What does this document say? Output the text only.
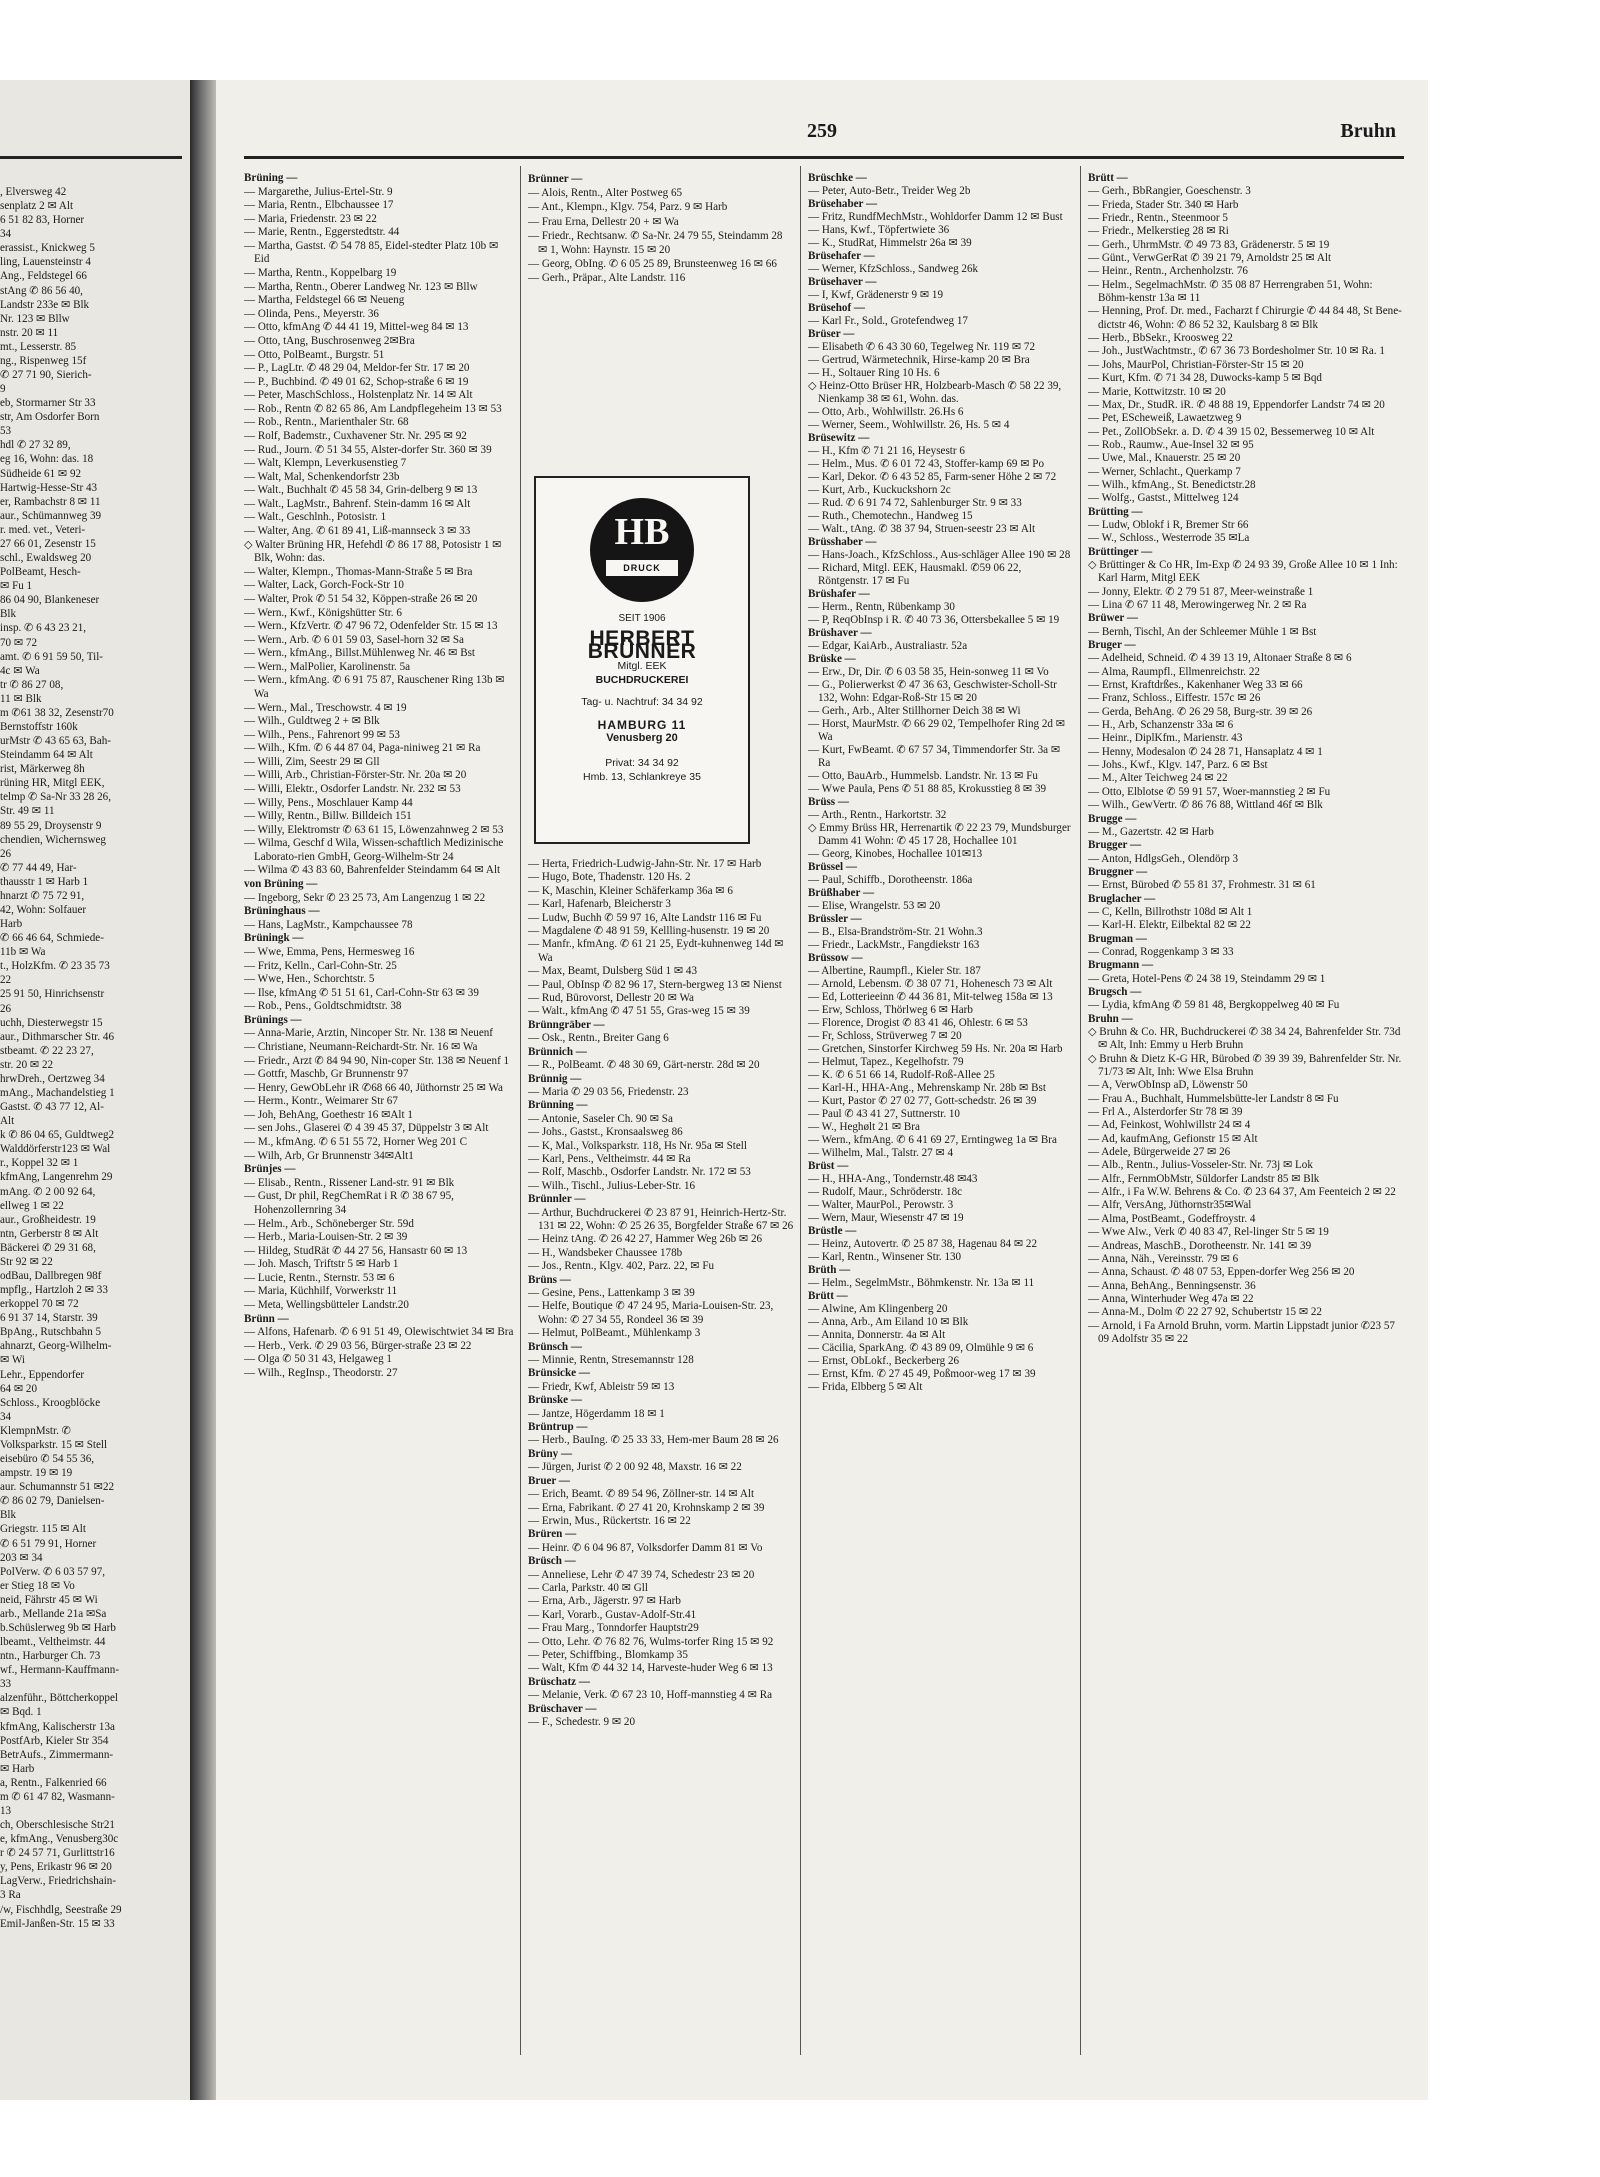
, Elversweg 42
senplatz 2 ✉ Alt
6 51 82 83, Horner
34
erassist., Knickweg 5
ling, Lauensteinstr 4
Ang., Feldstegel 66
stAng ✆ 86 56 40,
Landstr 233e ✉ Blk
Nr. 123 ✉ Bllw
nstr. 20 ✉ 11
mt., Lesserstr. 85
ng., Rispenweg 15f
✆ 27 71 90, Sierich-
9
eb, Stormarner Str 33
str, Am Osdorfer Born
53
hdl ✆ 27 32 89,
eg 16, Wohn: das. 18
Südheide 61 ✉ 92
Hartwig-Hesse-Str 43
er, Rambachstr 8 ✉ 11
aur., Schümannweg 39
r. med. vet., Veteri-
27 66 01, Zesenstr 15
schl., Ewaldsweg 20
PolBeamt, Hesch-
✉ Fu 1
86 04 90, Blankeneser
Blk
insp. ✆ 6 43 23 21,
70 ✉ 72
amt. ✆ 6 91 59 50, Til-
4c ✉ Wa
tr ✆ 86 27 08,
11 ✉ Blk
m ✆61 38 32, Zesenstr70
Bernstoffstr 160k
urMstr ✆ 43 65 63, Bah-
Steindamm 64 ✉ Alt
rist, Märkerweg 8h
rüning HR, Mitgl EEK,
telmp ✆ Sa-Nr 33 28 26,
Str. 49 ✉ 11
89 55 29, Droysenstr 9
chendien, Wichernsweg
26
✆ 77 44 49, Har-
thausstr 1 ✉ Harb 1
hnarzt ✆ 75 72 91,
42, Wohn: Solfauer
Harb
✆ 66 46 64, Schmiede-
11b ✉ Wa
t., HolzKfm. ✆ 23 35 73
22
25 91 50, Hinrichsenstr
26
uchh, Diesterwegstr 15
aur., Dithmarscher Str. 46
stbeamt. ✆ 22 23 27,
str. 20 ✉ 22
hrwDreh., Oertzweg 34
mAng., Machandelstieg 1
Gastst. ✆ 43 77 12, Al-
Alt
k ✆ 86 04 65, Guldtweg2
Walddörferstr123 ✉ Wal
r., Koppel 32 ✉ 1
kfmAng, Langenrehm 29
mAng. ✆ 2 00 92 64,
ellweg 1 ✉ 22
aur., Großheidestr. 19
ntn, Gerberstr 8 ✉ Alt
Bäckerei ✆ 29 31 68,
Str 92 ✉ 22
odBau, Dallbregen 98f
mpflg., Hartzloh 2 ✉ 33
erkoppel 70 ✉ 72
6 91 37 14, Starstr. 39
BpAng., Rutschbahn 5
ahnarzt, Georg-Wilhelm-
✉ Wi
Lehr., Eppendorfer
64 ✉ 20
Schloss., Kroogblöcke
34
KlempnMstr. ✆
Volksparkstr. 15 ✉ Stell
eisebüro ✆ 54 55 36,
ampstr. 19 ✉ 19
aur. Schumannstr 51 ✉22
✆ 86 02 79, Danielsen-
Blk
Griegstr. 115 ✉ Alt
✆ 6 51 79 91, Horner
203 ✉ 34
PolVerw. ✆ 6 03 57 97,
er Stieg 18 ✉ Vo
neid, Fährstr 45 ✉ Wi
arb., Mellande 21a ✉Sa
b.Schüslerweg 9b ✉ Harb
lbeamt., Veltheimstr. 44
ntn., Harburger Ch. 73
wf., Hermann-Kauffmann-
33
alzenführ., Böttcherkoppel
✉ Bqd. 1
kfmAng, Kalischerstr 13a
PostfArb, Kieler Str 354
BetrAufs., Zimmermann-
✉ Harb
a, Rentn., Falkenried 66
m ✆ 61 47 82, Wasmann-
13
ch, Oberschlesische Str21
e, kfmAng., Venusberg30c
r ✆ 24 57 71, Gurlittstr16
y, Pens, Erikastr 96 ✉ 20
LagVerw., Friedrichshain-
3 Ra
/w, Fischhdlg, Seestraße 29
Emil-Janßen-Str. 15 ✉ 33
259	Bruhn
Brüning —
— Margarethe, Julius-Ertel-Str. 9
— Maria, Rentn., Elbchaussee 17
— Maria, Friedenstr. 23 ✉ 22
— Marie, Rentn., Eggerstedtstr. 44
— Martha, Gastst. ✆ 54 78 85, Eidel-stedter Platz 10b ✉ Eid
— Martha, Rentn., Koppelbarg 19
— Martha, Rentn., Oberer Landweg Nr. 123 ✉ Bllw
— Martha, Feldstegel 66 ✉ Neueng
— Olinda, Pens., Meyerstr. 36
— Otto, kfmAng ✆ 44 41 19, Mittel-weg 84 ✉ 13
— Otto, tAng, Buschrosenweg 2✉Bra
— Otto, PolBeamt., Burgstr. 51
— P., LagLtr. ✆ 48 29 04, Meldor-fer Str. 17 ✉ 20
— P., Buchbind. ✆ 49 01 62, Schop-straße 6 ✉ 19
— Peter, MaschSchloss., Holstenplatz Nr. 14 ✉ Alt
— Rob., Rentn ✆ 82 65 86, Am Landpflegeheim 13 ✉ 53
— Rob., Rentn., Marienthaler Str. 68
— Rolf, Bademstr., Cuxhavener Str. Nr. 295 ✉ 92
— Rud., Journ. ✆ 51 34 55, Alster-dorfer Str. 360 ✉ 39
— Walt, Klempn, Leverkusenstieg 7
— Walt, Mal, Schenkendorfstr 23b
— Walt., Buchhalt ✆ 45 58 34, Grin-delberg 9 ✉ 13
— Walt., LagMstr., Bahrenf. Stein-damm 16 ✉ Alt
— Walt., Geschlnh., Potosistr. 1
— Walter, Ang. ✆ 61 89 41, Liß-mannseck 3 ✉ 33
◇ Walter Brüning HR, Hefehdl ✆ 86 17 88, Potosistr 1 ✉ Blk, Wohn: das.
— Walter, Klempn., Thomas-Mann-Straße 5 ✉ Bra
— Walter, Lack, Gorch-Fock-Str 10
— Walter, Prok ✆ 51 54 32, Köppen-straße 26 ✉ 20
— Wern., Kwf., Königshütter Str. 6
— Wern., KfzVertr. ✆ 47 96 72, Odenfelder Str. 15 ✉ 13
— Wern., Arb. ✆ 6 01 59 03, Sasel-horn 32 ✉ Sa
— Wern., kfmAng., Billst.Mühlenweg Nr. 46 ✉ Bst
— Wern., MalPolier, Karolinenstr. 5a
— Wern., kfmAng. ✆ 6 91 75 87, Rauschener Ring 13b ✉ Wa
— Wern., Mal., Treschowstr. 4 ✉ 19
— Wilh., Guldtweg 2 + ✉ Blk
— Wilh., Pens., Fahrenort 99 ✉ 53
— Wilh., Kfm. ✆ 6 44 87 04, Paga-niniweg 21 ✉ Ra
— Willi, Zim, Seestr 29 ✉ Gll
— Willi, Arb., Christian-Förster-Str. Nr. 20a ✉ 20
— Willi, Elektr., Osdorfer Landstr. Nr. 232 ✉ 53
— Willy, Pens., Moschlauer Kamp 44
— Willy, Rentn., Billw. Billdeich 151
— Willy, Elektromstr ✆ 63 61 15, Löwenzahnweg 2 ✉ 53
— Wilma, Geschf d Wila, Wissen-schaftlich Medizinische Laborato-rien GmbH, Georg-Wilhelm-Str 24
— Wilma ✆ 43 83 60, Bahrenfelder Steindamm 64 ✉ Alt
von Brüning —
— Ingeborg, Sekr ✆ 23 25 73, Am Langenzug 1 ✉ 22
Brüninghaus —
— Hans, LagMstr., Kampchaussee 78
Brüningk —
— Wwe, Emma, Pens, Hermesweg 16
— Fritz, Kelln., Carl-Cohn-Str. 25
— Wwe, Hen., Schorchtstr. 5
— Ilse, kfmAng ✆ 51 51 61, Carl-Cohn-Str 63 ✉ 39
— Rob., Pens., Goldtschmidtstr. 38
Brünings —
— Anna-Marie, Arztin, Nincoper Str. Nr. 138 ✉ Neuenf
— Christiane, Neumann-Reichardt-Str. Nr. 16 ✉ Wa
— Friedr., Arzt ✆ 84 94 90, Nin-coper Str. 138 ✉ Neuenf 1
— Gottfr, Maschb, Gr Brunnenstr 97
— Henry, GewObLehr iR ✆68 66 40, Jüthornstr 25 ✉ Wa
— Herm., Kontr., Weimarer Str 67
— Joh, BehAng, Goethestr 16 ✉Alt 1
— sen Johs., Glaserei ✆ 4 39 45 37, Düppelstr 3 ✉ Alt
— M., kfmAng. ✆ 6 51 55 72, Horner Weg 201 C
— Wilh, Arb, Gr Brunnenstr 34✉Alt1
Brünjes —
— Elisab., Rentn., Rissener Land-str. 91 ✉ Blk
— Gust, Dr phil, RegChemRat i R ✆ 38 67 95, Hohenzollernring 34
— Helm., Arb., Schöneberger Str. 59d
— Herb., Maria-Louisen-Str. 2 ✉ 39
— Hildeg, StudRät ✆ 44 27 56, Hansastr 60 ✉ 13
— Joh. Masch, Triftstr 5 ✉ Harb 1
— Lucie, Rentn., Sternstr. 53 ✉ 6
— Maria, Küchhilf, Vorwerkstr 11
— Meta, Wellingsbütteler Landstr.20
Brünn —
— Alfons, Hafenarb. ✆ 6 91 51 49, Olewischtwiet 34 ✉ Bra
— Herb., Verk. ✆ 29 03 56, Bürger-straße 23 ✉ 22
— Olga ✆ 50 31 43, Helgaweg 1
— Wilh., RegInsp., Theodorstr. 27
Brünner —
— Alois, Rentn., Alter Postweg 65
— Ant., Klempn., Klgv. 754, Parz. 9 ✉ Harb
— Frau Erna, Dellestr 20 + ✉ Wa
— Friedr., Rechtsanw. ✆ Sa-Nr. 24 79 55, Steindamm 28 ✉ 1, Wohn: Haynstr. 15 ✉ 20
— Georg, ObIng. ✆ 6 05 25 89, Brunsteenweg 16 ✉ 66
— Gerh., Präpar., Alte Landstr. 116
HB
DRUCK
SEIT 1906
HERBERT BRÜNNER
Mitgl. EEK
BUCHDRUCKEREI
Tag- u. Nachtruf: 34 34 92
HAMBURG 11
Venusberg 20
Privat: 34 34 92
Hmb. 13, Schlankreye 35
— Herta, Friedrich-Ludwig-Jahn-Str. Nr. 17 ✉ Harb
— Hugo, Bote, Thadenstr. 120 Hs. 2
— K, Maschin, Kleiner Schäferkamp 36a ✉ 6
— Karl, Hafenarb, Bleicherstr 3
— Ludw, Buchh ✆ 59 97 16, Alte Landstr 116 ✉ Fu
— Magdalene ✆ 48 91 59, Kellling-husenstr. 19 ✉ 20
— Manfr., kfmAng. ✆ 61 21 25, Eydt-kuhnenweg 14d ✉ Wa
— Max, Beamt, Dulsberg Süd 1 ✉ 43
— Paul, ObInsp ✆ 82 96 17, Stern-bergweg 13 ✉ Nienst
— Rud, Bürovorst, Dellestr 20 ✉ Wa
— Walt., kfmAng ✆ 47 51 55, Gras-weg 15 ✉ 39
Brünngräber —
— Osk., Rentn., Breiter Gang 6
Brünnich —
— R., PolBeamt. ✆ 48 30 69, Gärt-nerstr. 28d ✉ 20
Brünnig —
— Maria ✆ 29 03 56, Friedenstr. 23
Brünning —
— Antonie, Saseler Ch. 90 ✉ Sa
— Johs., Gastst., Kronsaalsweg 86
— K, Mal., Volksparkstr. 118, Hs Nr. 95a ✉ Stell
— Karl, Pens., Veltheimstr. 44 ✉ Ra
— Rolf, Maschb., Osdorfer Landstr. Nr. 172 ✉ 53
— Wilh., Tischl., Julius-Leber-Str. 16
Brünnler —
— Arthur, Buchdruckerei ✆ 23 87 91, Heinrich-Hertz-Str. 131 ✉ 22, Wohn: ✆ 25 26 35, Borgfelder Straße 67 ✉ 26
— Heinz tAng. ✆ 26 42 27, Hammer Weg 26b ✉ 26
— H., Wandsbeker Chaussee 178b
— Jos., Rentn., Klgv. 402, Parz. 22, ✉ Fu
Brüns —
— Gesine, Pens., Lattenkamp 3 ✉ 39
— Helfe, Boutique ✆ 47 24 95, Maria-Louisen-Str. 23, Wohn: ✆ 27 34 55, Rondeel 36 ✉ 39
— Helmut, PolBeamt., Mühlenkamp 3
Brünsch —
— Minnie, Rentn, Stresemannstr 128
Brünsicke —
— Friedr, Kwf, Ableistr 59 ✉ 13
Brünske —
— Jantze, Högerdamm 18 ✉ 1
Brüntrup —
— Herb., BauIng. ✆ 25 33 33, Hem-mer Baum 28 ✉ 26
Brüny —
— Jürgen, Jurist ✆ 2 00 92 48, Maxstr. 16 ✉ 22
Bruer —
— Erich, Beamt. ✆ 89 54 96, Zöllner-str. 14 ✉ Alt
— Erna, Fabrikant. ✆ 27 41 20, Krohnskamp 2 ✉ 39
— Erwin, Mus., Rückertstr. 16 ✉ 22
Brüren —
— Heinr. ✆ 6 04 96 87, Volksdorfer Damm 81 ✉ Vo
Brüsch —
— Anneliese, Lehr ✆ 47 39 74, Schedestr 23 ✉ 20
— Carla, Parkstr. 40 ✉ Gll
— Erna, Arb., Jägerstr. 97 ✉ Harb
— Karl, Vorarb., Gustav-Adolf-Str.41
— Frau Marg., Tonndorfer Hauptstr29
— Otto, Lehr. ✆ 76 82 76, Wulms-torfer Ring 15 ✉ 92
— Peter, Schiffbing., Blomkamp 35
— Walt, Kfm ✆ 44 32 14, Harveste-huder Weg 6 ✉ 13
Brüschatz —
— Melanie, Verk. ✆ 67 23 10, Hoff-mannstieg 4 ✉ Ra
Brüschaver —
— F., Schedestr. 9 ✉ 20
Brüschke —
— Peter, Auto-Betr., Treider Weg 2b
Brüsehaber —
— Fritz, RundfMechMstr., Wohldorfer Damm 12 ✉ Bust
— Hans, Kwf., Töpfertwiete 36
— K., StudRat, Himmelstr 26a ✉ 39
Brüsehafer —
— Werner, KfzSchloss., Sandweg 26k
Brüsehaver —
— I, Kwf, Grädenerstr 9 ✉ 19
Brüsehof —
— Karl Fr., Sold., Grotefendweg 17
Brüser —
— Elisabeth ✆ 6 43 30 60, Tegelweg Nr. 119 ✉ 72
— Gertrud, Wärmetechnik, Hirse-kamp 20 ✉ Bra
— H., Soltauer Ring 10 Hs. 6
◇ Heinz-Otto Brüser HR, Holzbearb-Masch ✆ 58 22 39, Nienkamp 38 ✉ 61, Wohn. das.
— Otto, Arb., Wohlwillstr. 26.Hs 6
— Werner, Seem., Wohlwillstr. 26, Hs. 5 ✉ 4
Brüsewitz —
— H., Kfm ✆ 71 21 16, Heysestr 6
— Helm., Mus. ✆ 6 01 72 43, Stoffer-kamp 69 ✉ Po
— Karl, Dekor. ✆ 6 43 52 85, Farm-sener Höhe 2 ✉ 72
— Kurt, Arb., Kuckuckshorn 2c
— Rud. ✆ 6 91 74 72, Sahlenburger Str. 9 ✉ 33
— Ruth., Chemotechn., Handweg 15
— Walt., tAng. ✆ 38 37 94, Struen-seestr 23 ✉ Alt
Brüsshaber —
— Hans-Joach., KfzSchloss., Aus-schläger Allee 190 ✉ 28
— Richard, Mitgl. EEK, Hausmakl. ✆59 06 22, Röntgenstr. 17 ✉ Fu
Brüshafer —
— Herm., Rentn, Rübenkamp 30
— P, ReqObInsp i R. ✆ 40 73 36, Ottersbekallee 5 ✉ 19
Brüshaver —
— Edgar, KaiArb., Australiastr. 52a
Brüske —
— Erw., Dr, Dir. ✆ 6 03 58 35, Hein-sonweg 11 ✉ Vo
— G., Polierwerkst ✆ 47 36 63, Geschwister-Scholl-Str 132, Wohn: Edgar-Roß-Str 15 ✉ 20
— Gerh., Arb., Alter Stillhorner Deich 38 ✉ Wi
— Horst, MaurMstr. ✆ 66 29 02, Tempelhofer Ring 2d ✉ Wa
— Kurt, FwBeamt. ✆ 67 57 34, Timmendorfer Str. 3a ✉ Ra
— Otto, BauArb., Hummelsb. Landstr. Nr. 13 ✉ Fu
— Wwe Paula, Pens ✆ 51 88 85, Krokusstieg 8 ✉ 39
Brüss —
— Arth., Rentn., Harkortstr. 32
◇ Emmy Brüss HR, Herrenartik ✆ 22 23 79, Mundsburger Damm 41 Wohn: ✆ 45 17 28, Hochallee 101
— Georg, Kinobes, Hochallee 101✉13
Brüssel —
— Paul, Schiffb., Dorotheenstr. 186a
Brüßhaber —
— Elise, Wrangelstr. 53 ✉ 20
Brüssler —
— B., Elsa-Brandström-Str. 21 Wohn.3
— Friedr., LackMstr., Fangdiekstr 163
Brüssow —
— Albertine, Raumpfl., Kieler Str. 187
— Arnold, Lebensm. ✆ 38 07 71, Hohenesch 73 ✉ Alt
— Ed, Lotterieeinn ✆ 44 36 81, Mit-telweg 158a ✉ 13
— Erw, Schloss, Thörlweg 6 ✉ Harb
— Florence, Drogist ✆ 83 41 46, Ohlestr. 6 ✉ 53
— Fr, Schloss, Strüverweg 7 ✉ 20
— Gretchen, Sinstorfer Kirchweg 59 Hs. Nr. 20a ✉ Harb
— Helmut, Tapez., Kegelhofstr. 79
— K. ✆ 6 51 66 14, Rudolf-Roß-Allee 25
— Karl-H., HHA-Ang., Mehrenskamp Nr. 28b ✉ Bst
— Kurt, Pastor ✆ 27 02 77, Gott-schedstr. 26 ✉ 39
— Paul ✆ 43 41 27, Suttnerstr. 10
— W., Heghølt 21 ✉ Bra
— Wern., kfmAng. ✆ 6 41 69 27, Erntingweg 1a ✉ Bra
— Wilhelm, Mal., Talstr. 27 ✉ 4
Brüst —
— H., HHA-Ang., Tondernstr.48 ✉43
— Rudolf, Maur., Schröderstr. 18c
— Walter, MaurPol., Perowstr. 3
— Wern, Maur, Wiesenstr 47 ✉ 19
Brüstle —
— Heinz, Autovertr. ✆ 25 87 38, Hagenau 84 ✉ 22
— Karl, Rentn., Winsener Str. 130
Brüth —
— Helm., SegelmMstr., Böhmkenstr. Nr. 13a ✉ 11
Brütt —
— Alwine, Am Klingenberg 20
— Anna, Arb., Am Eiland 10 ✉ Blk
— Annita, Donnerstr. 4a ✉ Alt
— Cäcilia, SparkAng. ✆ 43 89 09, Olmühle 9 ✉ 6
— Ernst, ObLokf., Beckerberg 26
— Ernst, Kfm. ✆ 27 45 49, Poßmoor-weg 17 ✉ 39
— Frida, Elbberg 5 ✉ Alt
Brütt —
— Gerh., BbRangier, Goeschenstr. 3
— Frieda, Stader Str. 340 ✉ Harb
— Friedr., Rentn., Steenmoor 5
— Friedr., Melkerstieg 28 ✉ Ri
— Gerh., UhrmMstr. ✆ 49 73 83, Grädenerstr. 5 ✉ 19
— Günt., VerwGerRat ✆ 39 21 79, Arnoldstr 25 ✉ Alt
— Heinr., Rentn., Archenholzstr. 76
— Helm., SegelmachMstr. ✆ 35 08 87 Herrengraben 51, Wohn: Böhm-kenstr 13a ✉ 11
— Henning, Prof. Dr. med., Facharzt f Chirurgie ✆ 44 84 48, St Bene-dictstr 46, Wohn: ✆ 86 52 32, Kaulsbarg 8 ✉ Blk
— Herb., BbSekr., Kroosweg 22
— Joh., JustWachtmstr., ✆ 67 36 73 Bordesholmer Str. 10 ✉ Ra. 1
— Johs, MaurPol, Christian-Förster-Str 15 ✉ 20
— Kurt, Kfm. ✆ 71 34 28, Duwocks-kamp 5 ✉ Bqd
— Marie, Kottwitzstr. 10 ✉ 20
— Max, Dr., StudR. iR. ✆ 48 88 19, Eppendorfer Landstr 74 ✉ 20
— Pet, EScheweiß, Lawaetzweg 9
— Pet., ZollObSekr. a. D. ✆ 4 39 15 02, Bessemerweg 10 ✉ Alt
— Rob., Raumw., Aue-Insel 32 ✉ 95
— Uwe, Mal., Knauerstr. 25 ✉ 20
— Werner, Schlacht., Querkamp 7
— Wilh., kfmAng., St. Benedictstr.28
— Wolfg., Gastst., Mittelweg 124
Brütting —
— Ludw, Oblokf i R, Bremer Str 66
— W., Schloss., Westerrode 35 ✉La
Brüttinger —
◇ Brüttinger & Co HR, Im-Exp ✆ 24 93 39, Große Allee 10 ✉ 1 Inh: Karl Harm, Mitgl EEK
— Jonny, Elektr. ✆ 2 79 51 87, Meer-weinstraße 1
— Lina ✆ 67 11 48, Merowingerweg Nr. 2 ✉ Ra
Brüwer —
— Bernh, Tischl, An der Schleemer Mühle 1 ✉ Bst
Bruger —
— Adelheid, Schneid. ✆ 4 39 13 19, Altonaer Straße 8 ✉ 6
— Alma, Raumpfl., Ellmenreichstr. 22
— Ernst, Kraftdrßes., Kakenhaner Weg 33 ✉ 66
— Franz, Schloss., Eiffestr. 157c ✉ 26
— Gerda, BehAng. ✆ 26 29 58, Burg-str. 39 ✉ 26
— H., Arb, Schanzenstr 33a ✉ 6
— Heinr., DiplKfm., Marienstr. 43
— Henny, Modesalon ✆ 24 28 71, Hansaplatz 4 ✉ 1
— Johs., Kwf., Klgv. 147, Parz. 6 ✉ Bst
— M., Alter Teichweg 24 ✉ 22
— Otto, Elblotse ✆ 59 91 57, Woer-mannstieg 2 ✉ Fu
— Wilh., GewVertr. ✆ 86 76 88, Wittland 46f ✉ Blk
Brugge —
— M., Gazertstr. 42 ✉ Harb
Brugger —
— Anton, HdlgsGeh., Olendörp 3
Bruggner —
— Ernst, Bürobed ✆ 55 81 37, Frohmestr. 31 ✉ 61
Bruglacher —
— C, Kelln, Billrothstr 108d ✉ Alt 1
— Karl-H. Elektr, Eilbektal 82 ✉ 22
Brugman —
— Conrad, Roggenkamp 3 ✉ 33
Brugmann —
— Greta, Hotel-Pens ✆ 24 38 19, Steindamm 29 ✉ 1
Brugsch —
— Lydia, kfmAng ✆ 59 81 48, Bergkoppelweg 40 ✉ Fu
Bruhn —
◇ Bruhn & Co. HR, Buchdruckerei ✆ 38 34 24, Bahrenfelder Str. 73d ✉ Alt, Inh: Emmy u Herb Bruhn
◇ Bruhn & Dietz K-G HR, Bürobed ✆ 39 39 39, Bahrenfelder Str. Nr. 71/73 ✉ Alt, Inh: Wwe Elsa Bruhn
— A, VerwObInsp aD, Löwenstr 50
— Frau A., Buchhalt, Hummelsbütte-ler Landstr 8 ✉ Fu
— Frl A., Alsterdorfer Str 78 ✉ 39
— Ad, Feinkost, Wohlwillstr 24 ✉ 4
— Ad, kaufmAng, Gefionstr 15 ✉ Alt
— Adele, Bürgerweide 27 ✉ 26
— Alb., Rentn., Julius-Vosseler-Str. Nr. 73j ✉ Lok
— Alfr., FernmObMstr, Süldorfer Landstr 85 ✉ Blk
— Alfr., i Fa W.W. Behrens & Co. ✆ 23 64 37, Am Feenteich 2 ✉ 22
— Alfr, VersAng, Jüthornstr35✉Wal
— Alma, PostBeamt., Godeffroystr. 4
— Wwe Alw., Verk ✆ 40 83 47, Rel-linger Str 5 ✉ 19
— Andreas, MaschB., Dorotheenstr. Nr. 141 ✉ 39
— Anna, Näh., Vereinsstr. 79 ✉ 6
— Anna, Schaust. ✆ 48 07 53, Eppen-dorfer Weg 256 ✉ 20
— Anna, BehAng., Benningsenstr. 36
— Anna, Winterhuder Weg 47a ✉ 22
— Anna-M., Dolm ✆ 22 27 92, Schubertstr 15 ✉ 22
— Arnold, i Fa Arnold Bruhn, vorm. Martin Lippstadt junior ✆23 57 09 Adolfstr 35 ✉ 22
